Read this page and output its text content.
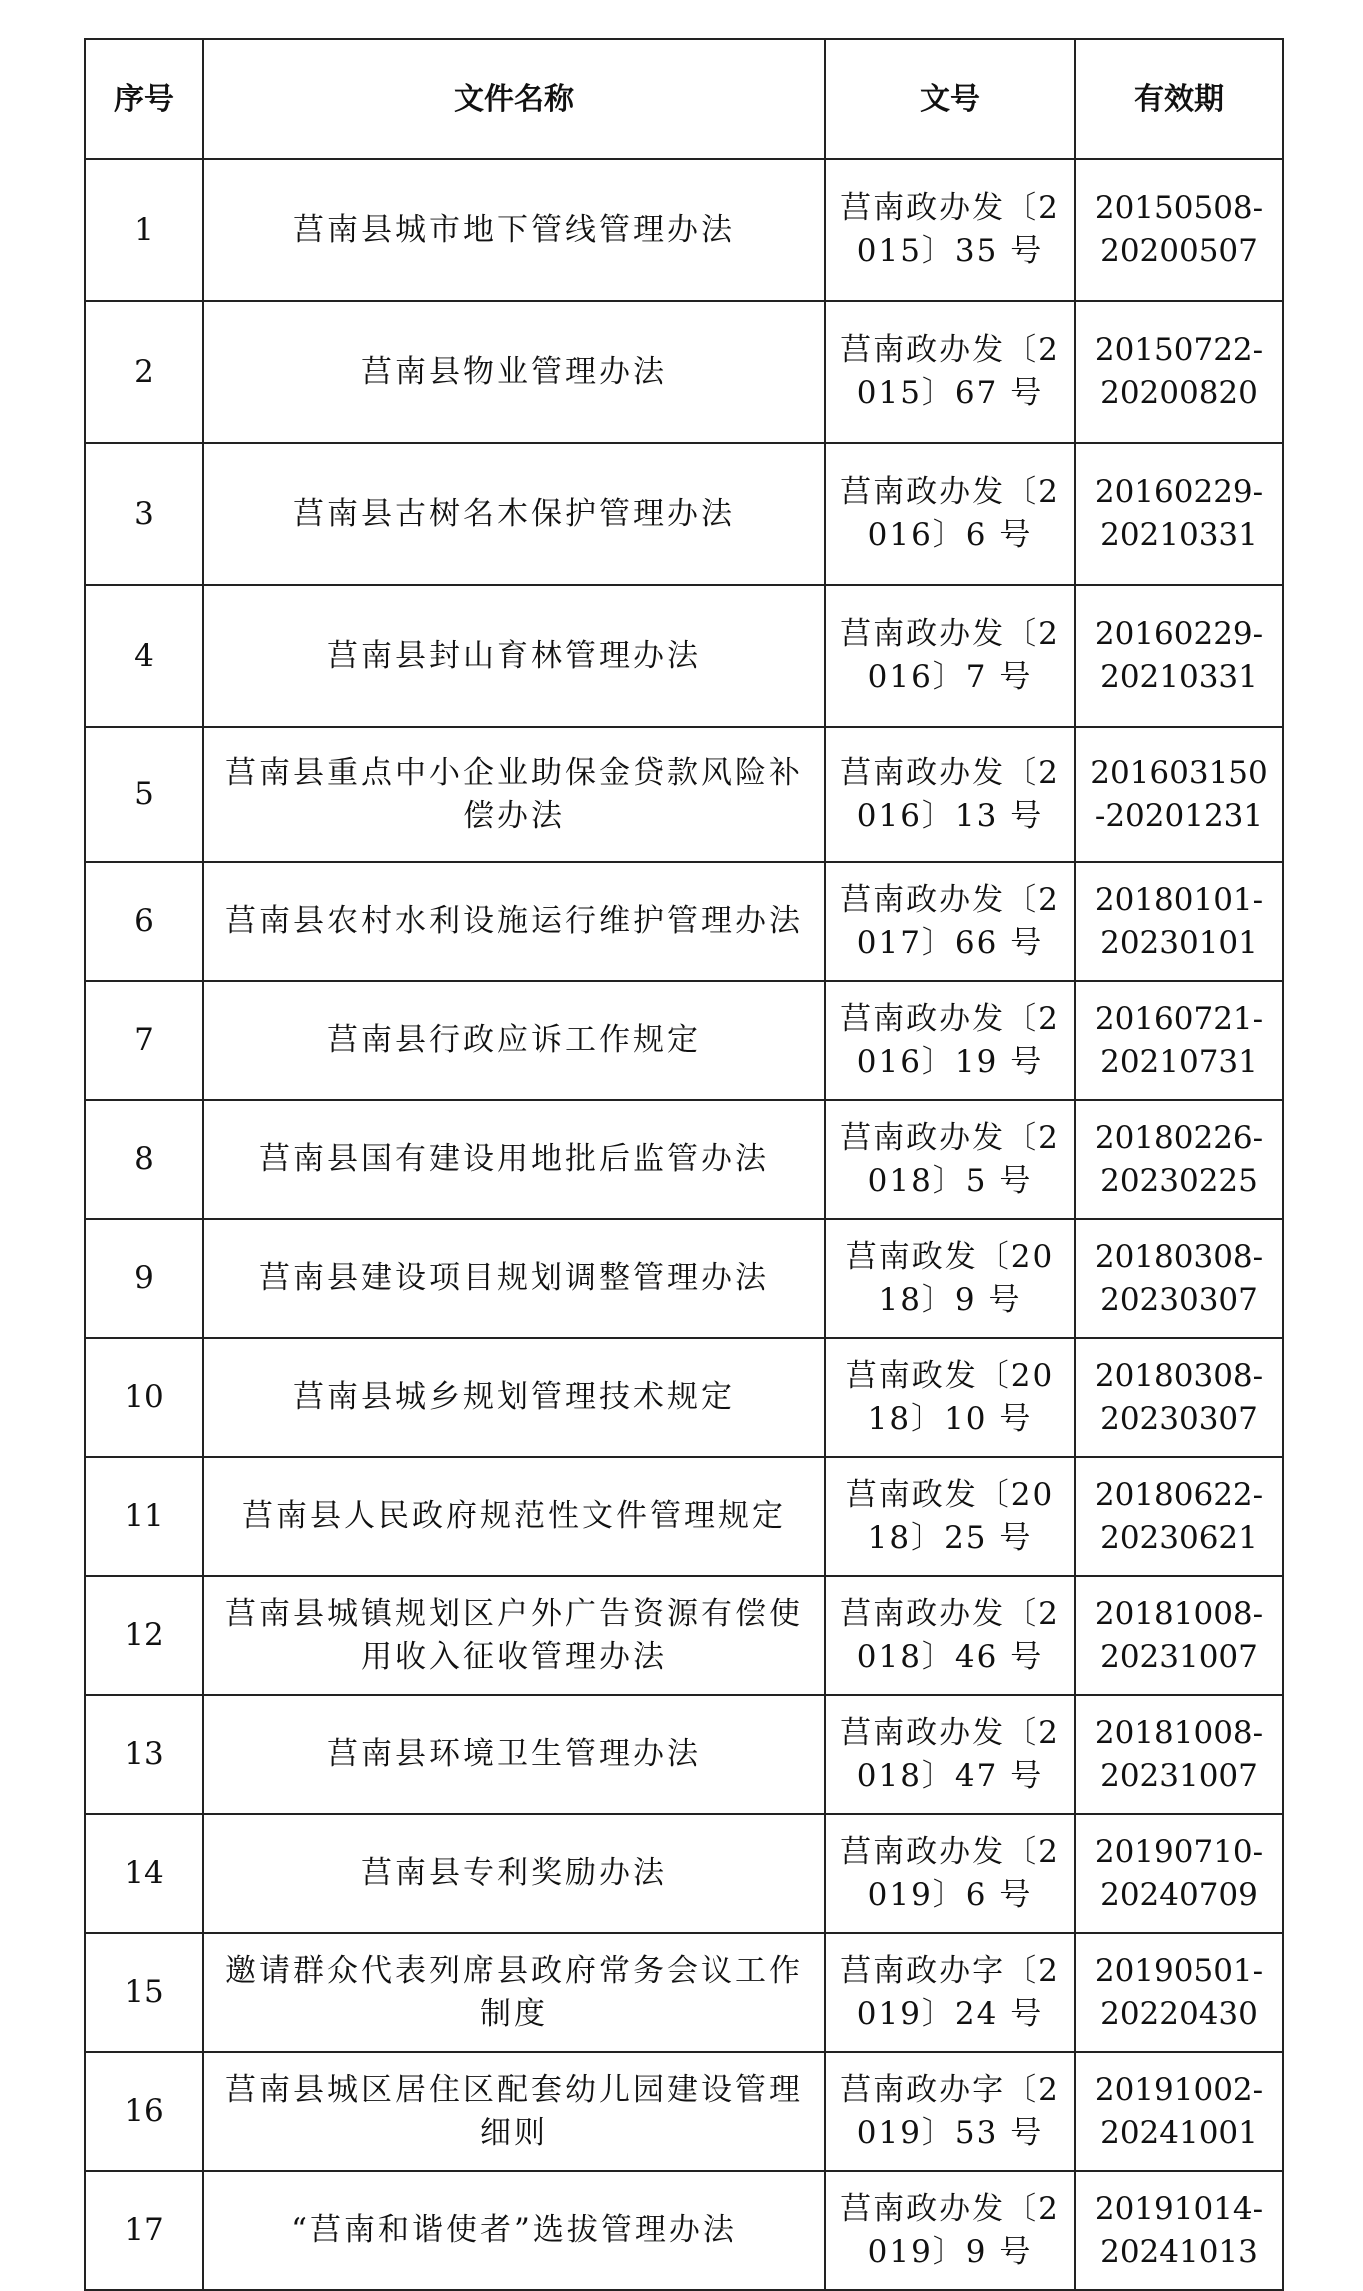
序号	文件名称	文号	有效期
1	莒南县城市地下管线管理办法	莒南政办发〔2015〕35 号	20150508-20200507
2	莒南县物业管理办法	莒南政办发〔2015〕67 号	20150722-20200820
3	莒南县古树名木保护管理办法	莒南政办发〔2016〕6 号	20160229-20210331
4	莒南县封山育林管理办法	莒南政办发〔2016〕7 号	20160229-20210331
5	莒南县重点中小企业助保金贷款风险补偿办法	莒南政办发〔2016〕13 号	201603150-20201231
6	莒南县农村水利设施运行维护管理办法	莒南政办发〔2017〕66 号	20180101-20230101
7	莒南县行政应诉工作规定	莒南政办发〔2016〕19 号	20160721-20210731
8	莒南县国有建设用地批后监管办法	莒南政办发〔2018〕5 号	20180226-20230225
9	莒南县建设项目规划调整管理办法	莒南政发〔2018〕9 号	20180308-20230307
10	莒南县城乡规划管理技术规定	莒南政发〔2018〕10 号	20180308-20230307
11	莒南县人民政府规范性文件管理规定	莒南政发〔2018〕25 号	20180622-20230621
12	莒南县城镇规划区户外广告资源有偿使用收入征收管理办法	莒南政办发〔2018〕46 号	20181008-20231007
13	莒南县环境卫生管理办法	莒南政办发〔2018〕47 号	20181008-20231007
14	莒南县专利奖励办法	莒南政办发〔2019〕6 号	20190710-20240709
15	邀请群众代表列席县政府常务会议工作制度	莒南政办字〔2019〕24 号	20190501-20220430
16	莒南县城区居住区配套幼儿园建设管理细则	莒南政办字〔2019〕53 号	20191002-20241001
17	“莒南和谐使者”选拔管理办法	莒南政办发〔2019〕9 号	20191014-20241013
